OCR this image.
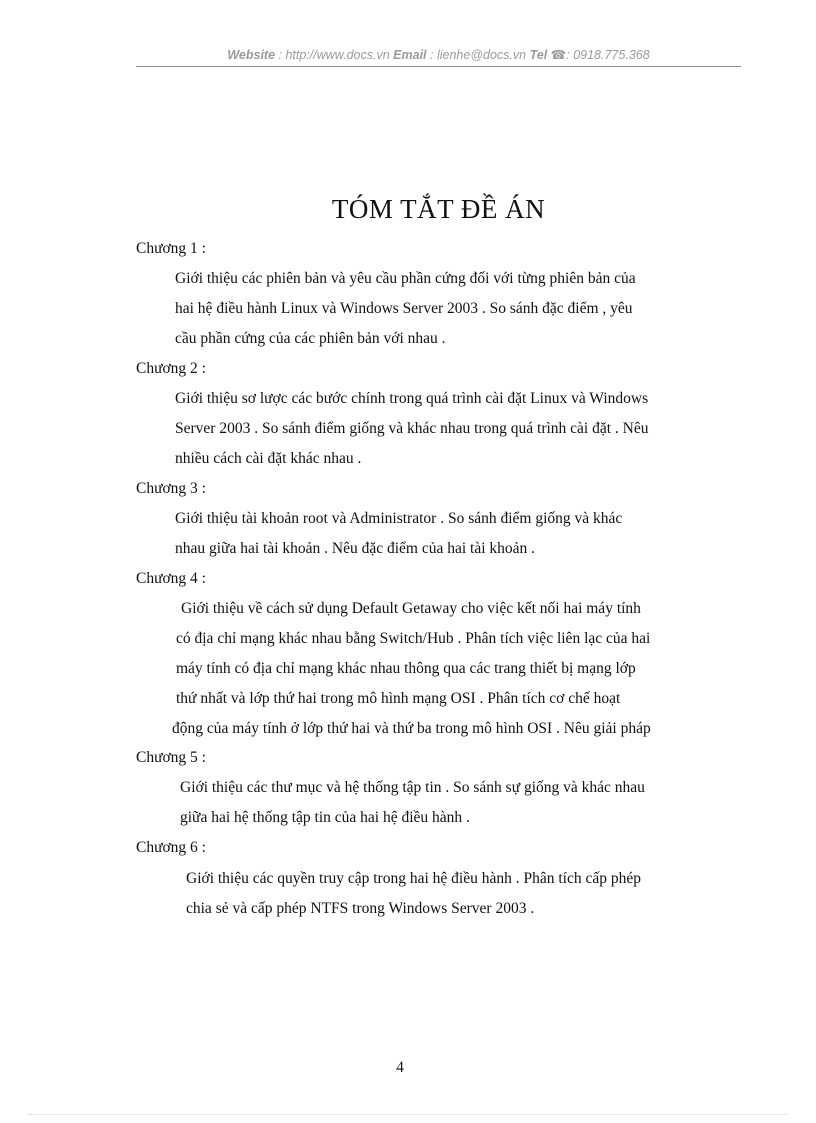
Website : http://www.docs.vn Email : lienhe@docs.vn Tel ☎: 0918.775.368
TÓM TẮT ĐỀ ÁN
Chương 1 :
Giới thiệu các phiên bản và yêu cầu phần cứng đối với từng phiên bản của
hai hệ điều hành Linux và Windows Server 2003 . So sánh đặc điểm , yêu
cầu phần cứng của các phiên bản với nhau .
Chương 2 :
Giới thiệu sơ lược các bước chính trong quá trình cài đặt Linux và Windows
Server 2003 . So sánh điểm giống và khác nhau trong quá trình cài đặt . Nêu
nhiều cách cài đặt khác nhau .
Chương 3 :
Giới thiệu tài khoản root và Administrator . So sánh điểm giống và khác
nhau giữa hai tài khoản . Nêu đặc điểm của hai tài khoản .
Chương 4 :
Giới thiệu về cách sử dụng Default Getaway cho việc kết nối hai máy tính
có địa chỉ mạng khác nhau bằng Switch/Hub . Phân tích việc liên lạc của hai
máy tính có địa chỉ mạng khác nhau thông qua các trang thiết bị mạng lớp
thứ nhất và lớp thứ hai trong mô hình mạng OSI . Phân tích cơ chế hoạt
động của máy tính ở lớp thứ hai và thứ ba trong mô hình OSI . Nêu giải pháp
Chương 5 :
Giới thiệu các thư mục và hệ thống tập tin . So sánh sự giống và khác nhau
giữa hai hệ thống tập tin của hai hệ điều hành .
Chương 6 :
Giới thiệu các quyền truy cập trong hai hệ điều hành . Phân tích cấp phép
chia sẻ và cấp phép NTFS trong Windows Server 2003 .
4
